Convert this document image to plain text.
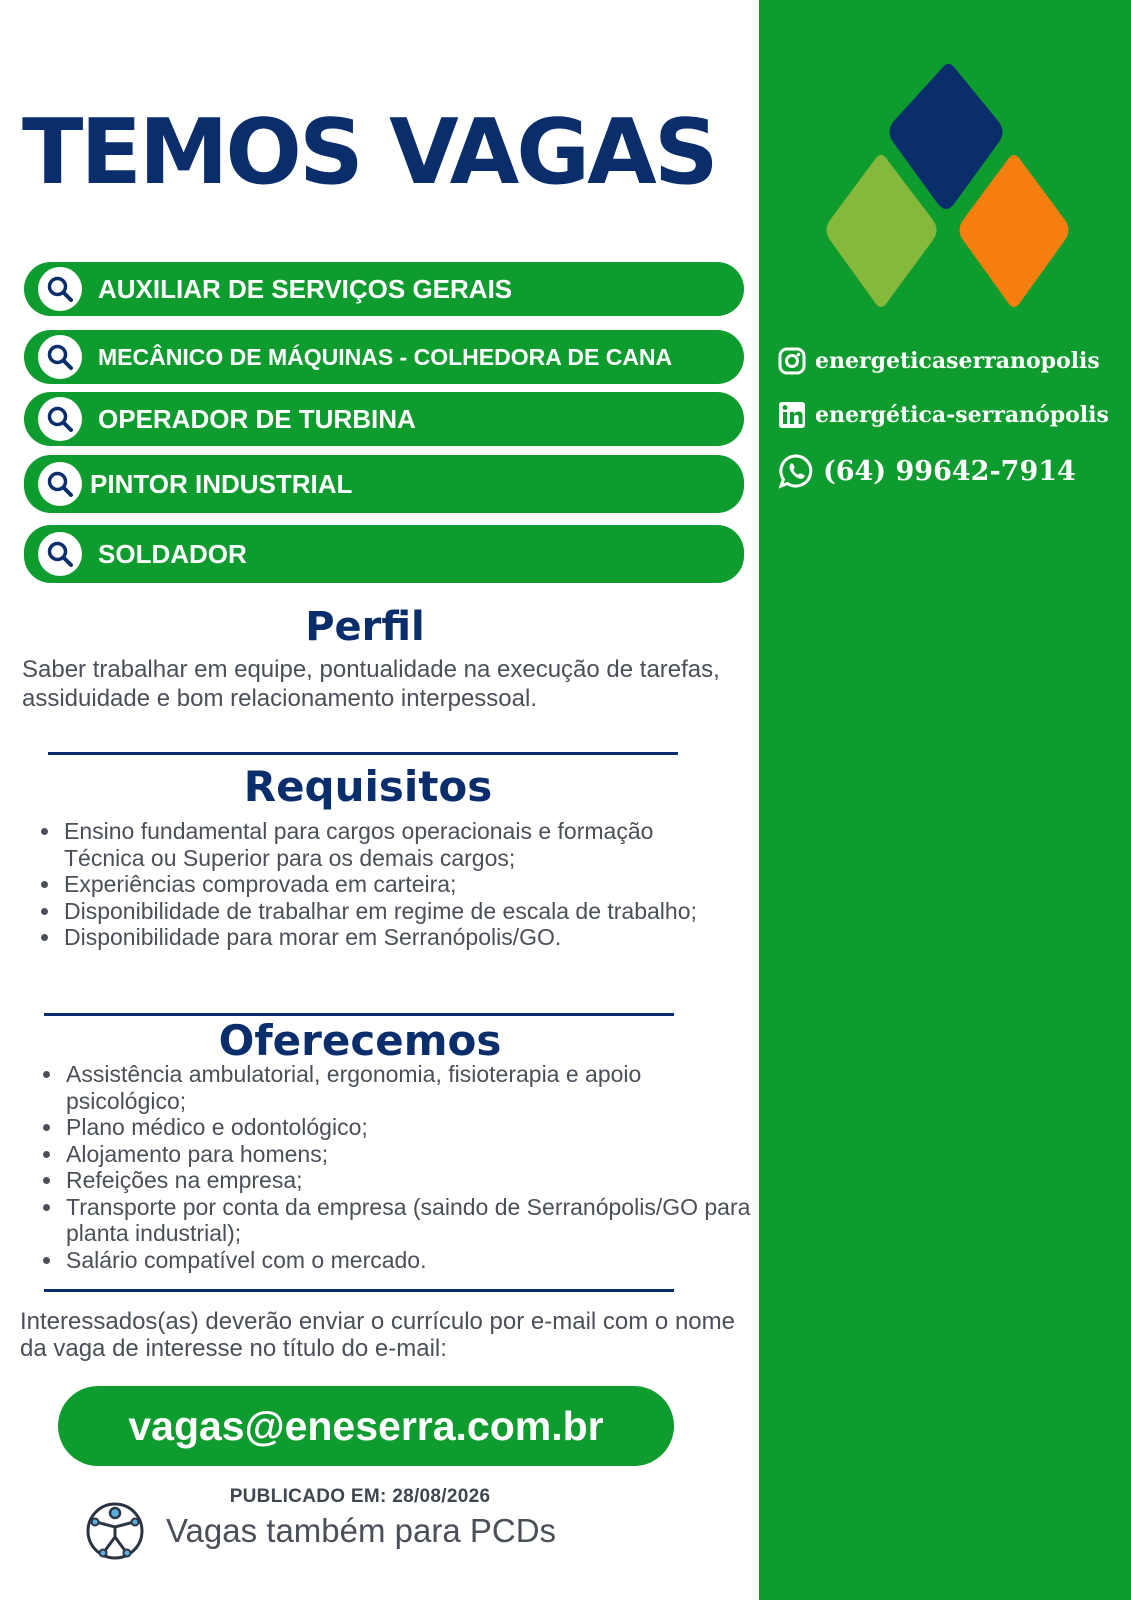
energeticaserranopolis
energética-serranópolis
(64) 99642-7914
TEMOS VAGAS
AUXILIAR DE SERVIÇOS GERAIS
MECÂNICO DE MÁQUINAS - COLHEDORA DE CANA
OPERADOR DE TURBINA
PINTOR INDUSTRIAL
SOLDADOR
Perfil

Saber trabalhar em equipe, pontualidade na execução de tarefas, assiduidade e bom relacionamento interpessoal.

Requisitos
• Ensino fundamental para cargos operacionais e formação Técnica ou Superior para os demais cargos;
• Experiências comprovada em carteira;
• Disponibilidade de trabalhar em regime de escala de trabalho;
• Disponibilidade para morar em Serranópolis/GO.
Oferecemos
• Assistência ambulatorial, ergonomia, fisioterapia e apoio psicológico;
• Plano médico e odontológico;
• Alojamento para homens;
• Refeições na empresa;
• Transporte por conta da empresa (saindo de Serranópolis/GO para planta industrial);
• Salário compatível com o mercado.

Interessados(as) deverão enviar o currículo por e-mail com o nome da vaga de interesse no título do e-mail:

vagas@eneserra.com.br
PUBLICADO EM: 28/08/2026
Vagas também para PCDs
